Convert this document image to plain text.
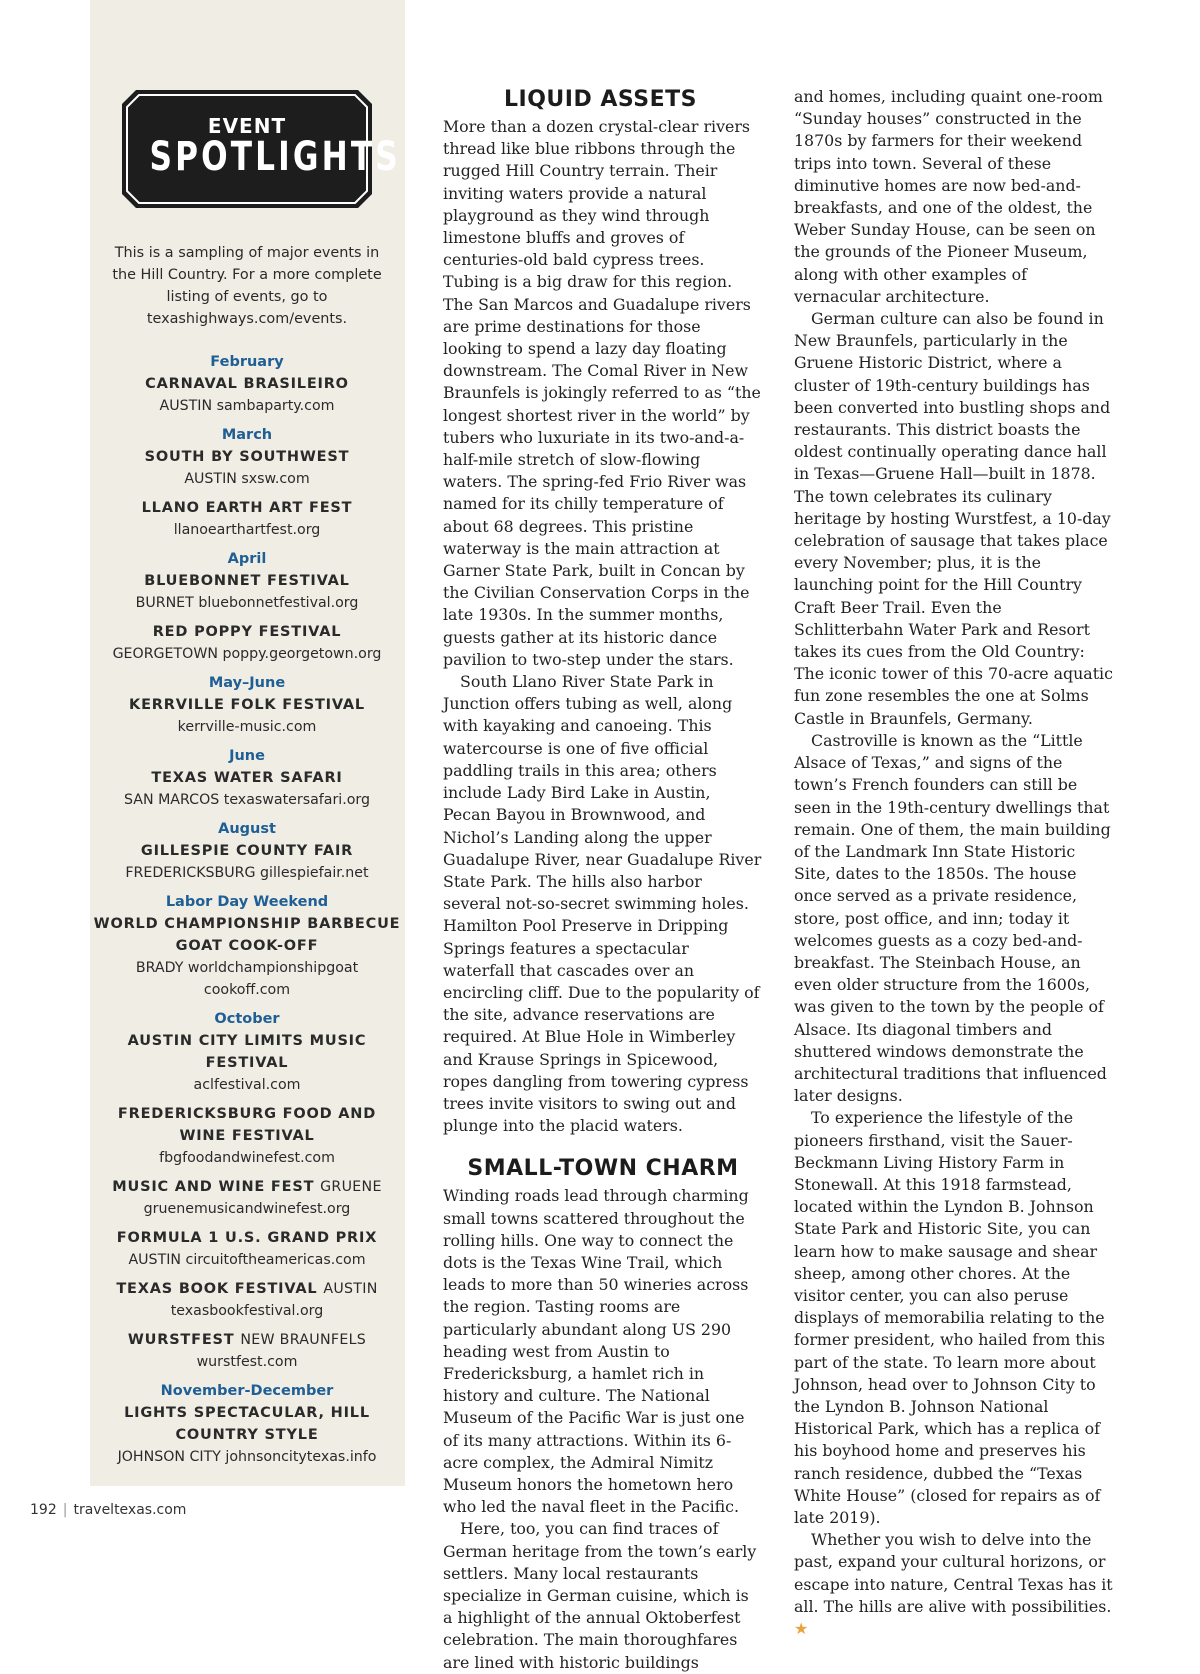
EVENT
SPOTLIGHTS
This is a sampling of major events in the Hill Country. For a more complete listing of events, go to texashighways.com/events.
February
CARNAVAL BRASILEIRO
AUSTIN sambaparty.com
March
SOUTH BY SOUTHWEST
AUSTIN sxsw.com
LLANO EARTH ART FEST
llanoearthartfest.org
April
BLUEBONNET FESTIVAL
BURNET bluebonnetfestival.org
RED POPPY FESTIVAL
GEORGETOWN poppy.georgetown.org
May–June
KERRVILLE FOLK FESTIVAL
kerrville-music.com
June
TEXAS WATER SAFARI
SAN MARCOS texaswatersafari.org
August
GILLESPIE COUNTY FAIR
FREDERICKSBURG gillespiefair.net
Labor Day Weekend
WORLD CHAMPIONSHIP BARBECUE GOAT COOK-OFF
BRADY worldchampionshipgoat cookoff.com
October
AUSTIN CITY LIMITS MUSIC FESTIVAL
aclfestival.com
FREDERICKSBURG FOOD AND WINE FESTIVAL
fbgfoodandwinefest.com
MUSIC AND WINE FEST GRUENE
gruenemusicandwinefest.org
FORMULA 1 U.S. GRAND PRIX
AUSTIN circuitoftheamericas.com
TEXAS BOOK FESTIVAL AUSTIN
texasbookfestival.org
WURSTFEST NEW BRAUNFELS
wurstfest.com
November-December
LIGHTS SPECTACULAR, HILL COUNTRY STYLE
JOHNSON CITY johnsoncitytexas.info
LIQUID ASSETS

More than a dozen crystal-clear rivers thread like blue ribbons through the rugged Hill Country terrain. Their inviting waters provide a natural playground as they wind through limestone bluffs and groves of centuries-old bald cypress trees. Tubing is a big draw for this region. The San Marcos and Guadalupe rivers are prime destinations for those looking to spend a lazy day floating downstream. The Comal River in New Braunfels is jokingly referred to as “the longest shortest river in the world” by tubers who luxuriate in its two-and-a-half-mile stretch of slow-flowing waters. The spring-fed Frio River was named for its chilly temperature of about 68 degrees. This pristine waterway is the main attraction at Garner State Park, built in Concan by the Civilian Conservation Corps in the late 1930s. In the summer months, guests gather at its historic dance pavilion to two-step under the stars.

South Llano River State Park in Junction offers tubing as well, along with kayaking and canoeing. This watercourse is one of five official paddling trails in this area; others include Lady Bird Lake in Austin, Pecan Bayou in Brownwood, and Nichol’s Landing along the upper Guadalupe River, near Guadalupe River State Park. The hills also harbor several not-so-secret swimming holes. Hamilton Pool Preserve in Dripping Springs features a spectacular waterfall that cascades over an encircling cliff. Due to the popularity of the site, advance reservations are required. At Blue Hole in Wimberley and Krause Springs in Spicewood, ropes dangling from towering cypress trees invite visitors to swing out and plunge into the placid waters.

SMALL-TOWN CHARM

Winding roads lead through charming small towns scattered throughout the rolling hills. One way to connect the dots is the Texas Wine Trail, which leads to more than 50 wineries across the region. Tasting rooms are particularly abundant along US 290 heading west from Austin to Fredericksburg, a hamlet rich in history and culture. The National Museum of the Pacific War is just one of its many attractions. Within its 6-acre complex, the Admiral Nimitz Museum honors the hometown hero who led the naval fleet in the Pacific.

Here, too, you can find traces of German heritage from the town’s early settlers. Many local restaurants specialize in German cuisine, which is a highlight of the annual Oktoberfest celebration. The main thoroughfares are lined with historic buildings

and homes, including quaint one-room “Sunday houses” constructed in the 1870s by farmers for their weekend trips into town. Several of these diminutive homes are now bed-and-breakfasts, and one of the oldest, the Weber Sunday House, can be seen on the grounds of the Pioneer Museum, along with other examples of vernacular architecture.

German culture can also be found in New Braunfels, particularly in the Gruene Historic District, where a cluster of 19th-century buildings has been converted into bustling shops and restaurants. This district boasts the oldest continually operating dance hall in Texas—Gruene Hall—built in 1878. The town celebrates its culinary heritage by hosting Wurstfest, a 10-day celebration of sausage that takes place every November; plus, it is the launching point for the Hill Country Craft Beer Trail. Even the Schlitterbahn Water Park and Resort takes its cues from the Old Country: The iconic tower of this 70-acre aquatic fun zone resembles the one at Solms Castle in Braunfels, Germany.

Castroville is known as the “Little Alsace of Texas,” and signs of the town’s French founders can still be seen in the 19th-century dwellings that remain. One of them, the main building of the Landmark Inn State Historic Site, dates to the 1850s. The house once served as a private residence, store, post office, and inn; today it welcomes guests as a cozy bed-and-breakfast. The Steinbach House, an even older structure from the 1600s, was given to the town by the people of Alsace. Its diagonal timbers and shuttered windows demonstrate the architectural traditions that influenced later designs.

To experience the lifestyle of the pioneers firsthand, visit the Sauer-Beckmann Living History Farm in Stonewall. At this 1918 farmstead, located within the Lyndon B. Johnson State Park and Historic Site, you can learn how to make sausage and shear sheep, among other chores. At the visitor center, you can also peruse displays of memorabilia relating to the former president, who hailed from this part of the state. To learn more about Johnson, head over to Johnson City to the Lyndon B. Johnson National Historical Park, which has a replica of his boyhood home and preserves his ranch residence, dubbed the “Texas White House” (closed for repairs as of late 2019).

Whether you wish to delve into the past, expand your cultural horizons, or escape into nature, Central Texas has it all. The hills are alive with possibilities. ★

192 | traveltexas.com
